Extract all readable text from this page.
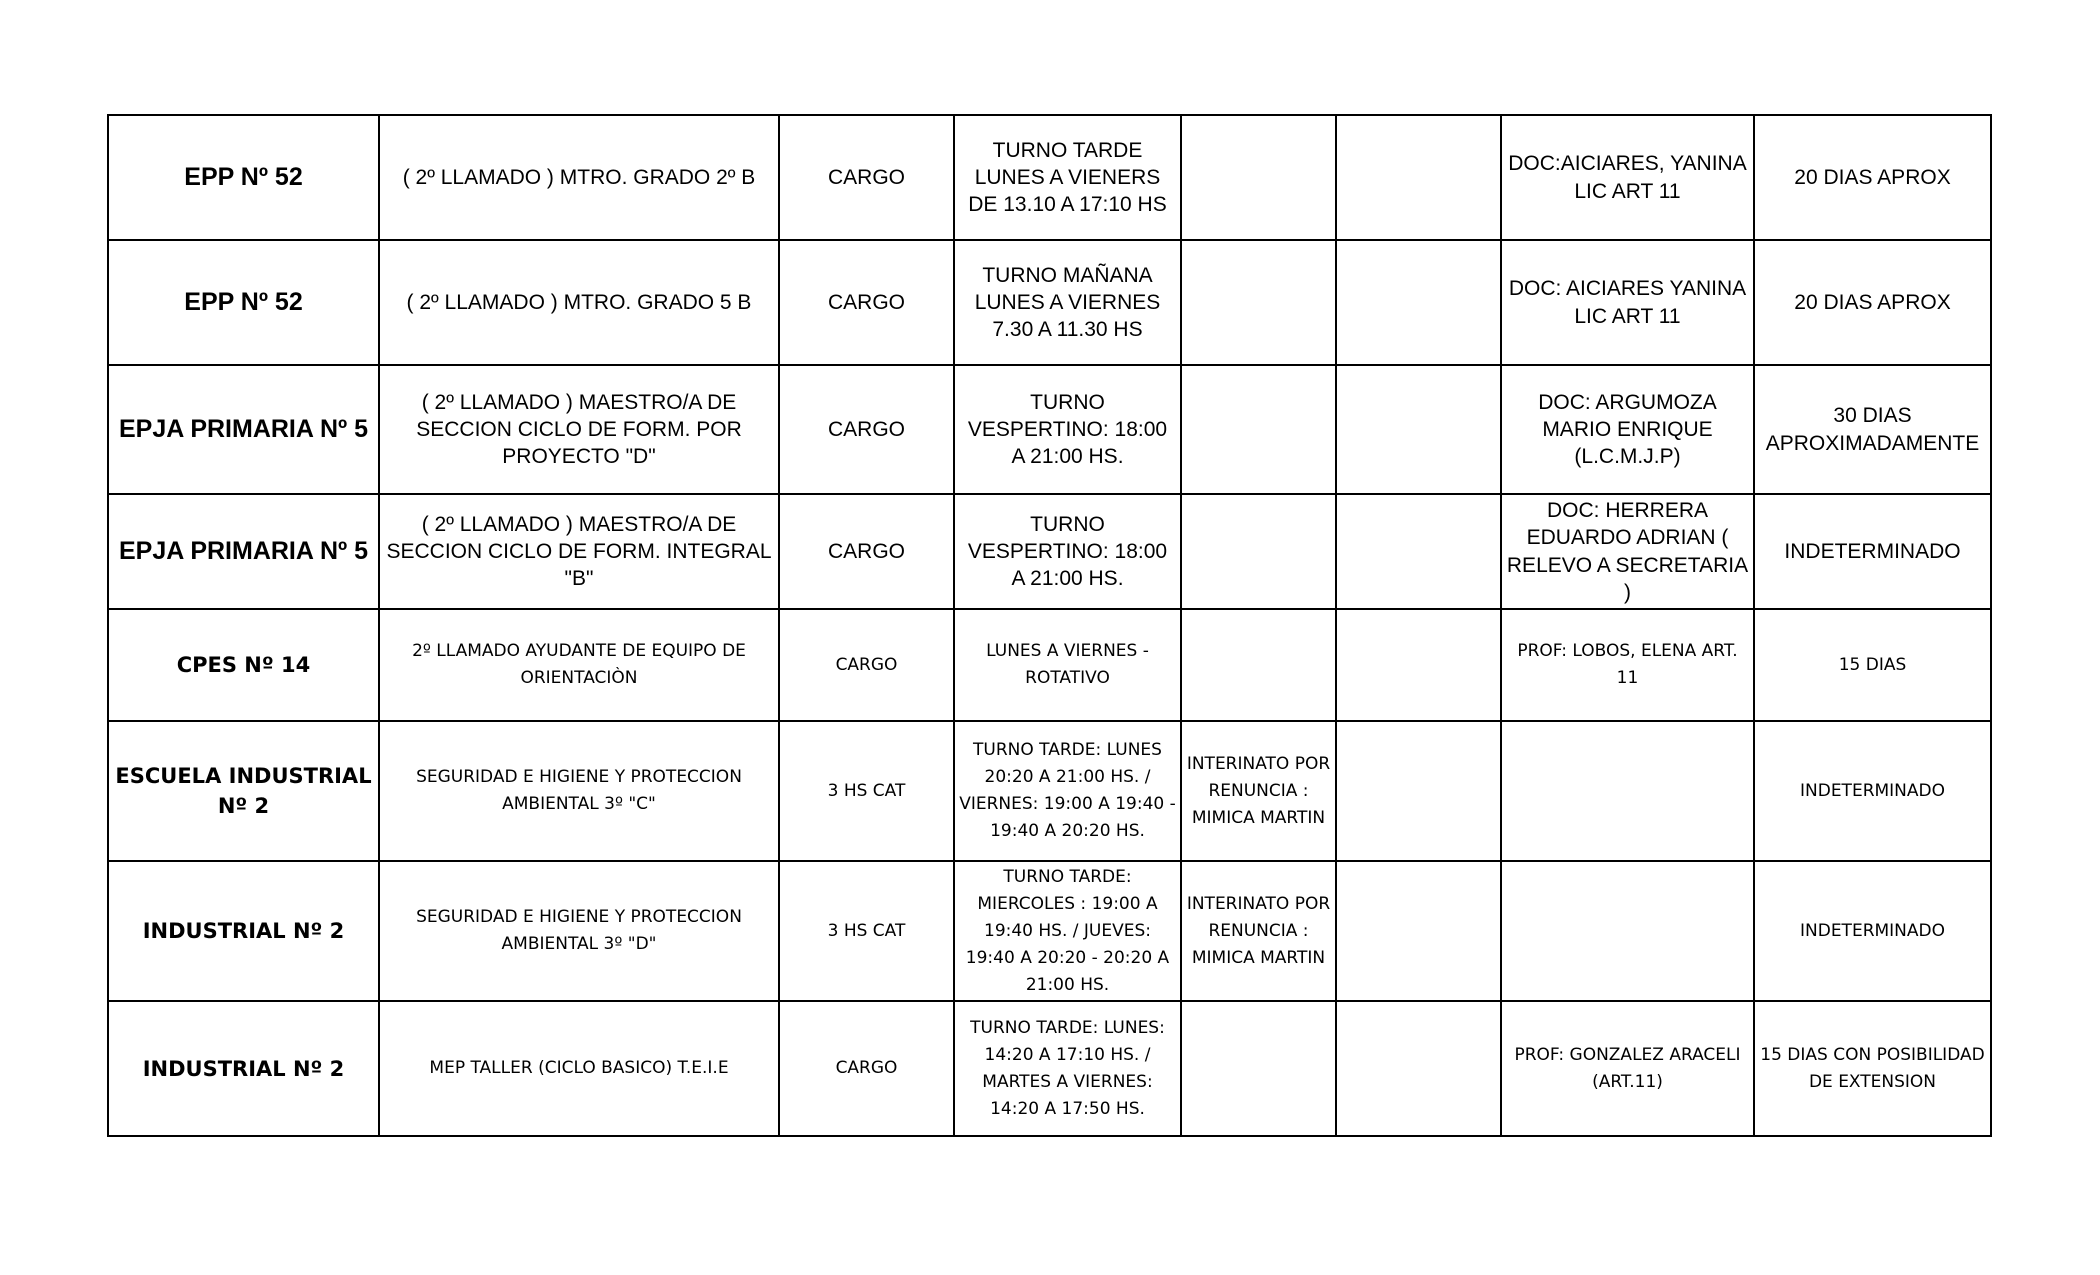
EPP Nº 52	( 2º LLAMADO ) MTRO. GRADO 2º B	CARGO	TURNO TARDE LUNES A VIENERS DE 13.10 A 17:10 HS			DOC:AICIARES, YANINA LIC ART 11	20 DIAS APROX
EPP Nº 52	( 2º LLAMADO ) MTRO. GRADO 5 B	CARGO	TURNO MAÑANA LUNES A VIERNES 7.30 A 11.30 HS			DOC: AICIARES YANINA LIC ART 11	20 DIAS APROX
EPJA PRIMARIA Nº 5	( 2º LLAMADO ) MAESTRO/A DE SECCION CICLO DE FORM. POR PROYECTO "D"	CARGO	TURNO VESPERTINO: 18:00 A 21:00 HS.			DOC: ARGUMOZA MARIO ENRIQUE (L.C.M.J.P)	30 DIAS APROXIMADAMENTE
EPJA PRIMARIA Nº 5	( 2º LLAMADO ) MAESTRO/A DE SECCION CICLO DE FORM. INTEGRAL "B"	CARGO	TURNO VESPERTINO: 18:00 A 21:00 HS.			DOC: HERRERA EDUARDO ADRIAN ( RELEVO A SECRETARIA )	INDETERMINADO
CPES Nº 14	2º LLAMADO AYUDANTE DE EQUIPO DE ORIENTACIÒN	CARGO	LUNES A VIERNES - ROTATIVO			PROF: LOBOS, ELENA ART. 11	15 DIAS
ESCUELA INDUSTRIAL Nº 2	SEGURIDAD E HIGIENE Y PROTECCION AMBIENTAL 3º "C"	3 HS CAT	TURNO TARDE: LUNES 20:20 A 21:00 HS. / VIERNES: 19:00 A 19:40 - 19:40 A 20:20 HS.	INTERINATO POR RENUNCIA : MIMICA MARTIN			INDETERMINADO
INDUSTRIAL Nº 2	SEGURIDAD E HIGIENE Y PROTECCION AMBIENTAL 3º "D"	3 HS CAT	TURNO TARDE: MIERCOLES : 19:00 A 19:40 HS. / JUEVES: 19:40 A 20:20 - 20:20 A 21:00 HS.	INTERINATO POR RENUNCIA : MIMICA MARTIN			INDETERMINADO
INDUSTRIAL Nº 2	MEP TALLER (CICLO BASICO) T.E.I.E	CARGO	TURNO TARDE: LUNES: 14:20 A 17:10 HS. / MARTES A VIERNES: 14:20 A 17:50 HS.			PROF: GONZALEZ ARACELI (ART.11)	15 DIAS CON POSIBILIDAD DE EXTENSION
